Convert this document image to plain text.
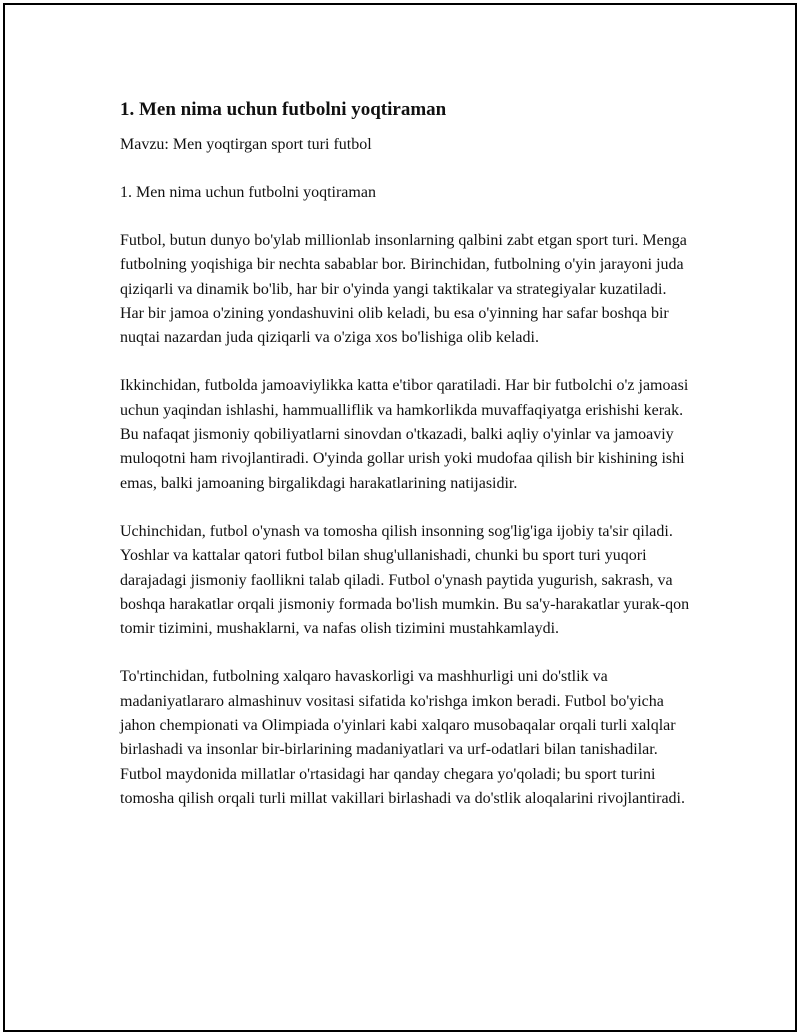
1. Men nima uchun futbolni yoqtiraman

Mavzu: Men yoqtirgan sport turi futbol

1. Men nima uchun futbolni yoqtiraman

Futbol, butun dunyo bo'ylab millionlab insonlarning qalbini zabt etgan sport turi. Menga futbolning yoqishiga bir nechta sabablar bor. Birinchidan, futbolning o'yin jarayoni juda qiziqarli va dinamik bo'lib, har bir o'yinda yangi taktikalar va strategiyalar kuzatiladi. Har bir jamoa o'zining yondashuvini olib keladi, bu esa o'yinning har safar boshqa bir nuqtai nazardan juda qiziqarli va o'ziga xos bo'lishiga olib keladi.

Ikkinchidan, futbolda jamoaviylikka katta e'tibor qaratiladi. Har bir futbolchi o'z jamoasi uchun yaqindan ishlashi, hammualliflik va hamkorlikda muvaffaqiyatga erishishi kerak. Bu nafaqat jismoniy qobiliyatlarni sinovdan o'tkazadi, balki aqliy o'yinlar va jamoaviy muloqotni ham rivojlantiradi. O'yinda gollar urish yoki mudofaa qilish bir kishining ishi emas, balki jamoaning birgalikdagi harakatlarining natijasidir.

Uchinchidan, futbol o'ynash va tomosha qilish insonning sog'lig'iga ijobiy ta'sir qiladi. Yoshlar va kattalar qatori futbol bilan shug'ullanishadi, chunki bu sport turi yuqori darajadagi jismoniy faollikni talab qiladi. Futbol o'ynash paytida yugurish, sakrash, va boshqa harakatlar orqali jismoniy formada bo'lish mumkin. Bu sa'y-harakatlar yurak-qon tomir tizimini, mushaklarni, va nafas olish tizimini mustahkamlaydi.

To'rtinchidan, futbolning xalqaro havaskorligi va mashhurligi uni do'stlik va madaniyatlararo almashinuv vositasi sifatida ko'rishga imkon beradi. Futbol bo'yicha jahon chempionati va Olimpiada o'yinlari kabi xalqaro musobaqalar orqali turli xalqlar birlashadi va insonlar bir-birlarining madaniyatlari va urf-odatlari bilan tanishadilar. Futbol maydonida millatlar o'rtasidagi har qanday chegara yo'qoladi; bu sport turini tomosha qilish orqali turli millat vakillari birlashadi va do'stlik aloqalarini rivojlantiradi.
